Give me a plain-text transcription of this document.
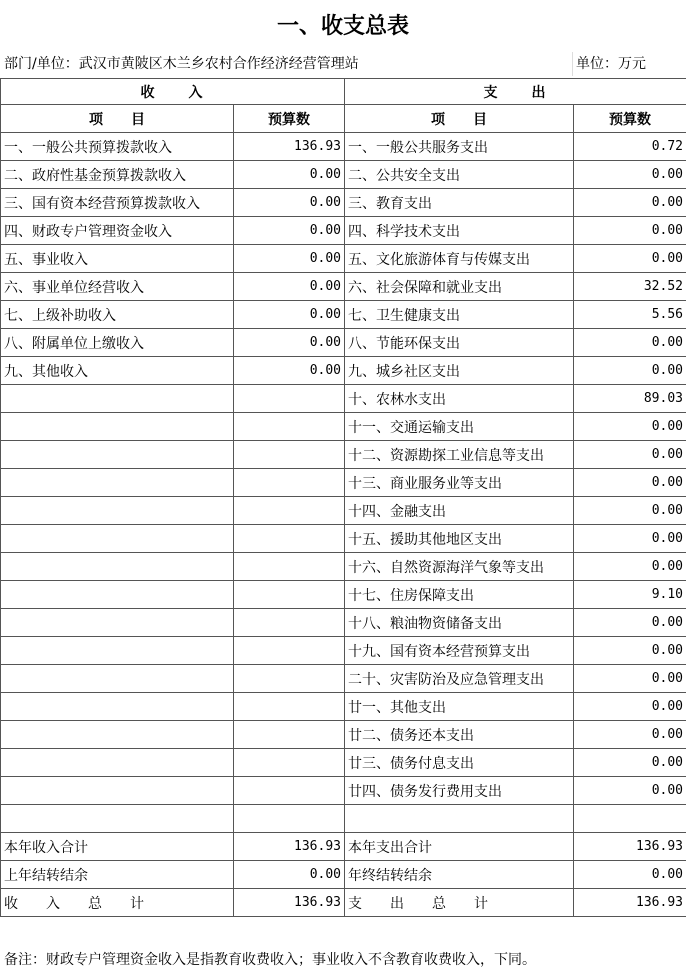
一、收支总表
部门/单位：武汉市黄陂区木兰乡农村合作经济经营管理站	单位：万元
收　　入		支　　出	
项　　目	预算数	项　　目	预算数
一、一般公共预算拨款收入	136.93	一、一般公共服务支出	0.72
二、政府性基金预算拨款收入	0.00	二、公共安全支出	0.00
三、国有资本经营预算拨款收入	0.00	三、教育支出	0.00
四、财政专户管理资金收入	0.00	四、科学技术支出	0.00
五、事业收入	0.00	五、文化旅游体育与传媒支出	0.00
六、事业单位经营收入	0.00	六、社会保障和就业支出	32.52
七、上级补助收入	0.00	七、卫生健康支出	5.56
八、附属单位上缴收入	0.00	八、节能环保支出	0.00
九、其他收入	0.00	九、城乡社区支出	0.00
		十、农林水支出	89.03
		十一、交通运输支出	0.00
		十二、资源勘探工业信息等支出	0.00
		十三、商业服务业等支出	0.00
		十四、金融支出	0.00
		十五、援助其他地区支出	0.00
		十六、自然资源海洋气象等支出	0.00
		十七、住房保障支出	9.10
		十八、粮油物资储备支出	0.00
		十九、国有资本经营预算支出	0.00
		二十、灾害防治及应急管理支出	0.00
		廿一、其他支出	0.00
		廿二、债务还本支出	0.00
		廿三、债务付息支出	0.00
		廿四、债务发行费用支出	0.00

本年收入合计	136.93	本年支出合计	136.93
上年结转结余	0.00	年终结转结余	0.00
收　　入　　总　　计	136.93	支　　出　　总　　计	136.93
备注：财政专户管理资金收入是指教育收费收入；事业收入不含教育收费收入，下同。
